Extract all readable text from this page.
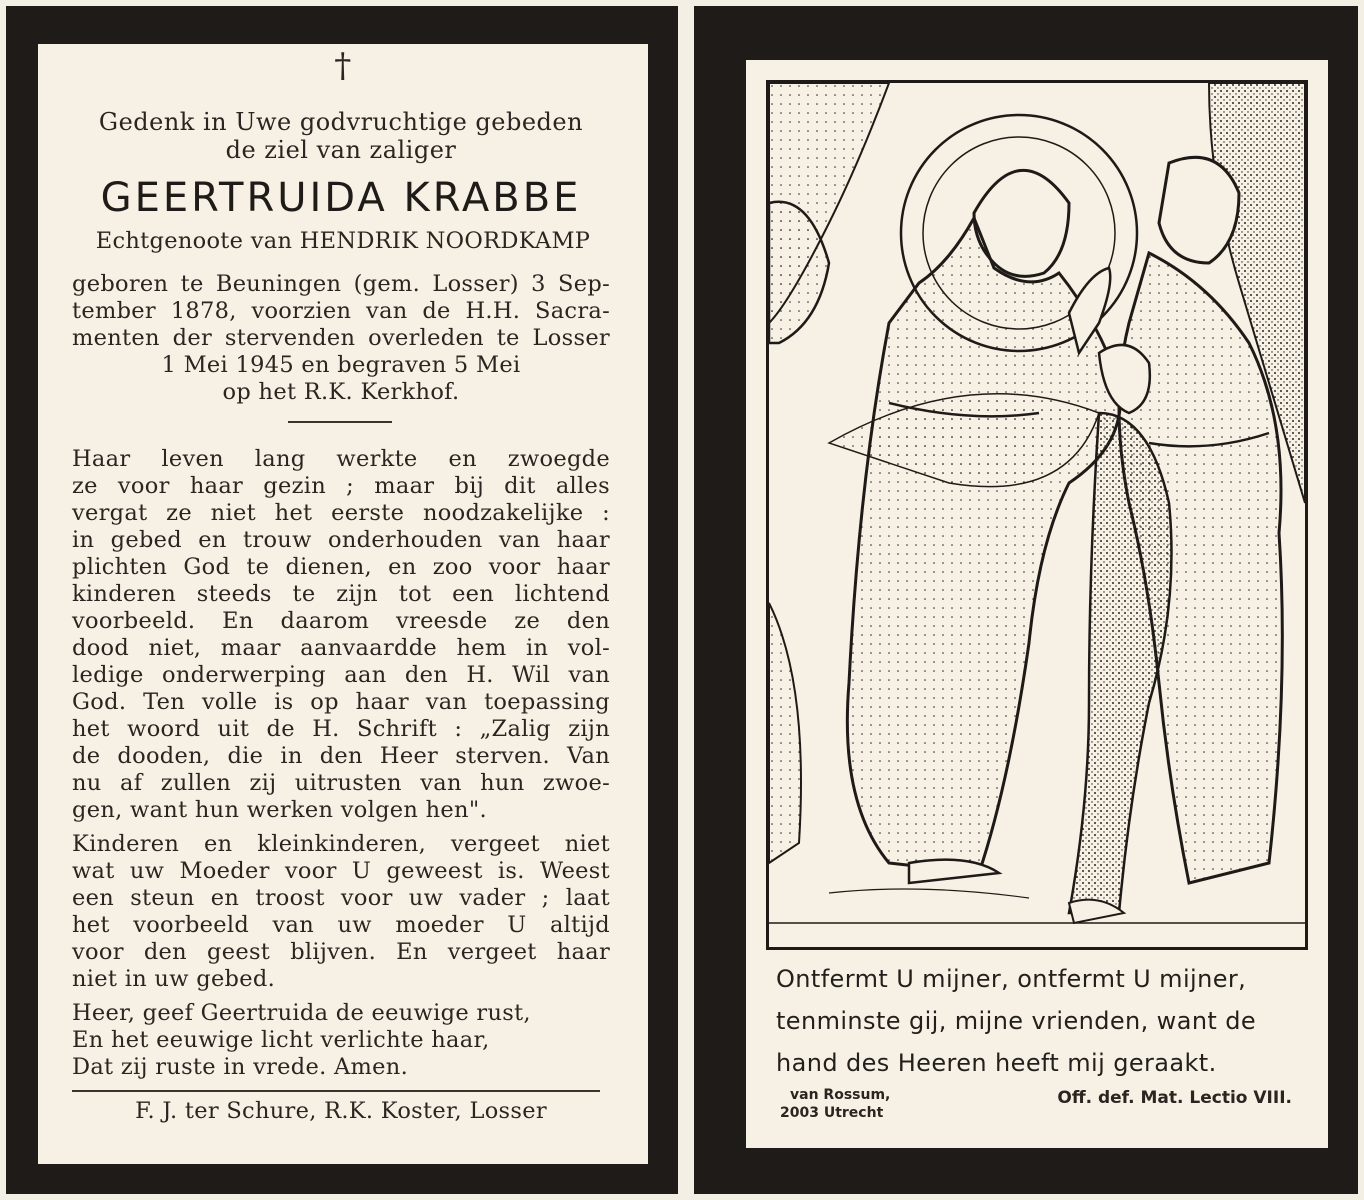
†
Gedenk in Uwe godvruchtige gebeden
de ziel van zaliger
GEERTRUIDA KRABBE
Echtgenoote van HENDRIK NOORDKAMP
geboren te Beuningen (gem. Losser) 3 Sep-
tember 1878, voorzien van de H.H. Sacra-
menten der stervenden overleden te Losser
1 Mei 1945 en begraven 5 Mei
op het R.K. Kerkhof.
Haar leven lang werkte en zwoegde
ze voor haar gezin ; maar bij dit alles
vergat ze niet het eerste noodzakelijke :
in gebed en trouw onderhouden van haar
plichten God te dienen, en zoo voor haar
kinderen steeds te zijn tot een lichtend
voorbeeld. En daarom vreesde ze den
dood niet, maar aanvaardde hem in vol-
ledige onderwerping aan den H. Wil van
God. Ten volle is op haar van toepassing
het woord uit de H. Schrift : „Zalig zijn
de dooden, die in den Heer sterven. Van
nu af zullen zij uitrusten van hun zwoe-
gen, want hun werken volgen hen".
Kinderen en kleinkinderen, vergeet niet
wat uw Moeder voor U geweest is. Weest
een steun en troost voor uw vader ; laat
het voorbeeld van uw moeder U altijd
voor den geest blijven. En vergeet haar
niet in uw gebed.
Heer, geef Geertruida de eeuwige rust,
En het eeuwige licht verlichte haar,
Dat zij ruste in vrede. Amen.
F. J. ter Schure, R.K. Koster, Losser
Ontfermt U mijner, ontfermt U mijner,
tenminste gij, mijne vrienden, want de
hand des Heeren heeft mij geraakt.
van Rossum,
2003 Utrecht
Off. def. Mat. Lectio VIII.
